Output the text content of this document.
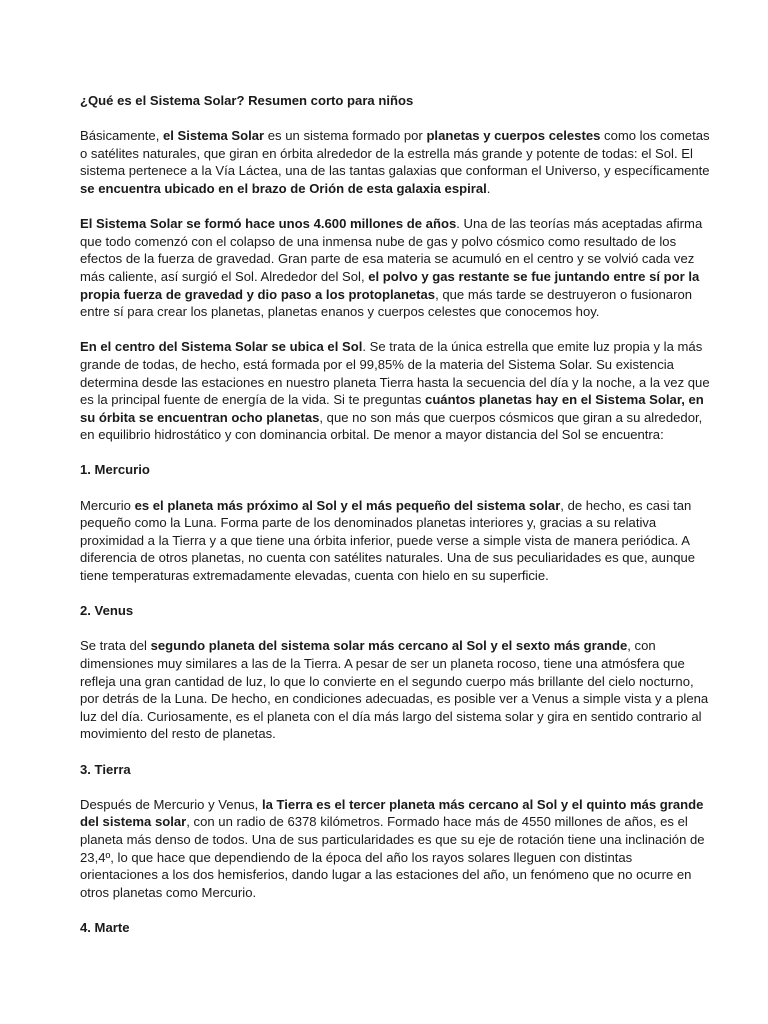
¿Qué es el Sistema Solar? Resumen corto para niños

Básicamente, el Sistema Solar es un sistema formado por planetas y cuerpos celestes como los cometas o satélites naturales, que giran en órbita alrededor de la estrella más grande y potente de todas: el Sol. El sistema pertenece a la Vía Láctea, una de las tantas galaxias que conforman el Universo, y específicamente se encuentra ubicado en el brazo de Orión de esta galaxia espiral.

El Sistema Solar se formó hace unos 4.600 millones de años. Una de las teorías más aceptadas afirma que todo comenzó con el colapso de una inmensa nube de gas y polvo cósmico como resultado de los efectos de la fuerza de gravedad. Gran parte de esa materia se acumuló en el centro y se volvió cada vez más caliente, así surgió el Sol. Alrededor del Sol, el polvo y gas restante se fue juntando entre sí por la propia fuerza de gravedad y dio paso a los protoplanetas, que más tarde se destruyeron o fusionaron entre sí para crear los planetas, planetas enanos y cuerpos celestes que conocemos hoy.

En el centro del Sistema Solar se ubica el Sol. Se trata de la única estrella que emite luz propia y la más grande de todas, de hecho, está formada por el 99,85% de la materia del Sistema Solar. Su existencia determina desde las estaciones en nuestro planeta Tierra hasta la secuencia del día y la noche, a la vez que es la principal fuente de energía de la vida. Si te preguntas cuántos planetas hay en el Sistema Solar, en su órbita se encuentran ocho planetas, que no son más que cuerpos cósmicos que giran a su alrededor, en equilibrio hidrostático y con dominancia orbital. De menor a mayor distancia del Sol se encuentra:

1. Mercurio

Mercurio es el planeta más próximo al Sol y el más pequeño del sistema solar, de hecho, es casi tan pequeño como la Luna. Forma parte de los denominados planetas interiores y, gracias a su relativa proximidad a la Tierra y a que tiene una órbita inferior, puede verse a simple vista de manera periódica. A diferencia de otros planetas, no cuenta con satélites naturales. Una de sus peculiaridades es que, aunque tiene temperaturas extremadamente elevadas, cuenta con hielo en su superficie.

2. Venus

Se trata del segundo planeta del sistema solar más cercano al Sol y el sexto más grande, con dimensiones muy similares a las de la Tierra. A pesar de ser un planeta rocoso, tiene una atmósfera que refleja una gran cantidad de luz, lo que lo convierte en el segundo cuerpo más brillante del cielo nocturno, por detrás de la Luna. De hecho, en condiciones adecuadas, es posible ver a Venus a simple vista y a plena luz del día. Curiosamente, es el planeta con el día más largo del sistema solar y gira en sentido contrario al movimiento del resto de planetas.

3. Tierra

Después de Mercurio y Venus, la Tierra es el tercer planeta más cercano al Sol y el quinto más grande del sistema solar, con un radio de 6378 kilómetros. Formado hace más de 4550 millones de años, es el planeta más denso de todos. Una de sus particularidades es que su eje de rotación tiene una inclinación de 23,4º, lo que hace que dependiendo de la época del año los rayos solares lleguen con distintas orientaciones a los dos hemisferios, dando lugar a las estaciones del año, un fenómeno que no ocurre en otros planetas como Mercurio.

4. Marte
